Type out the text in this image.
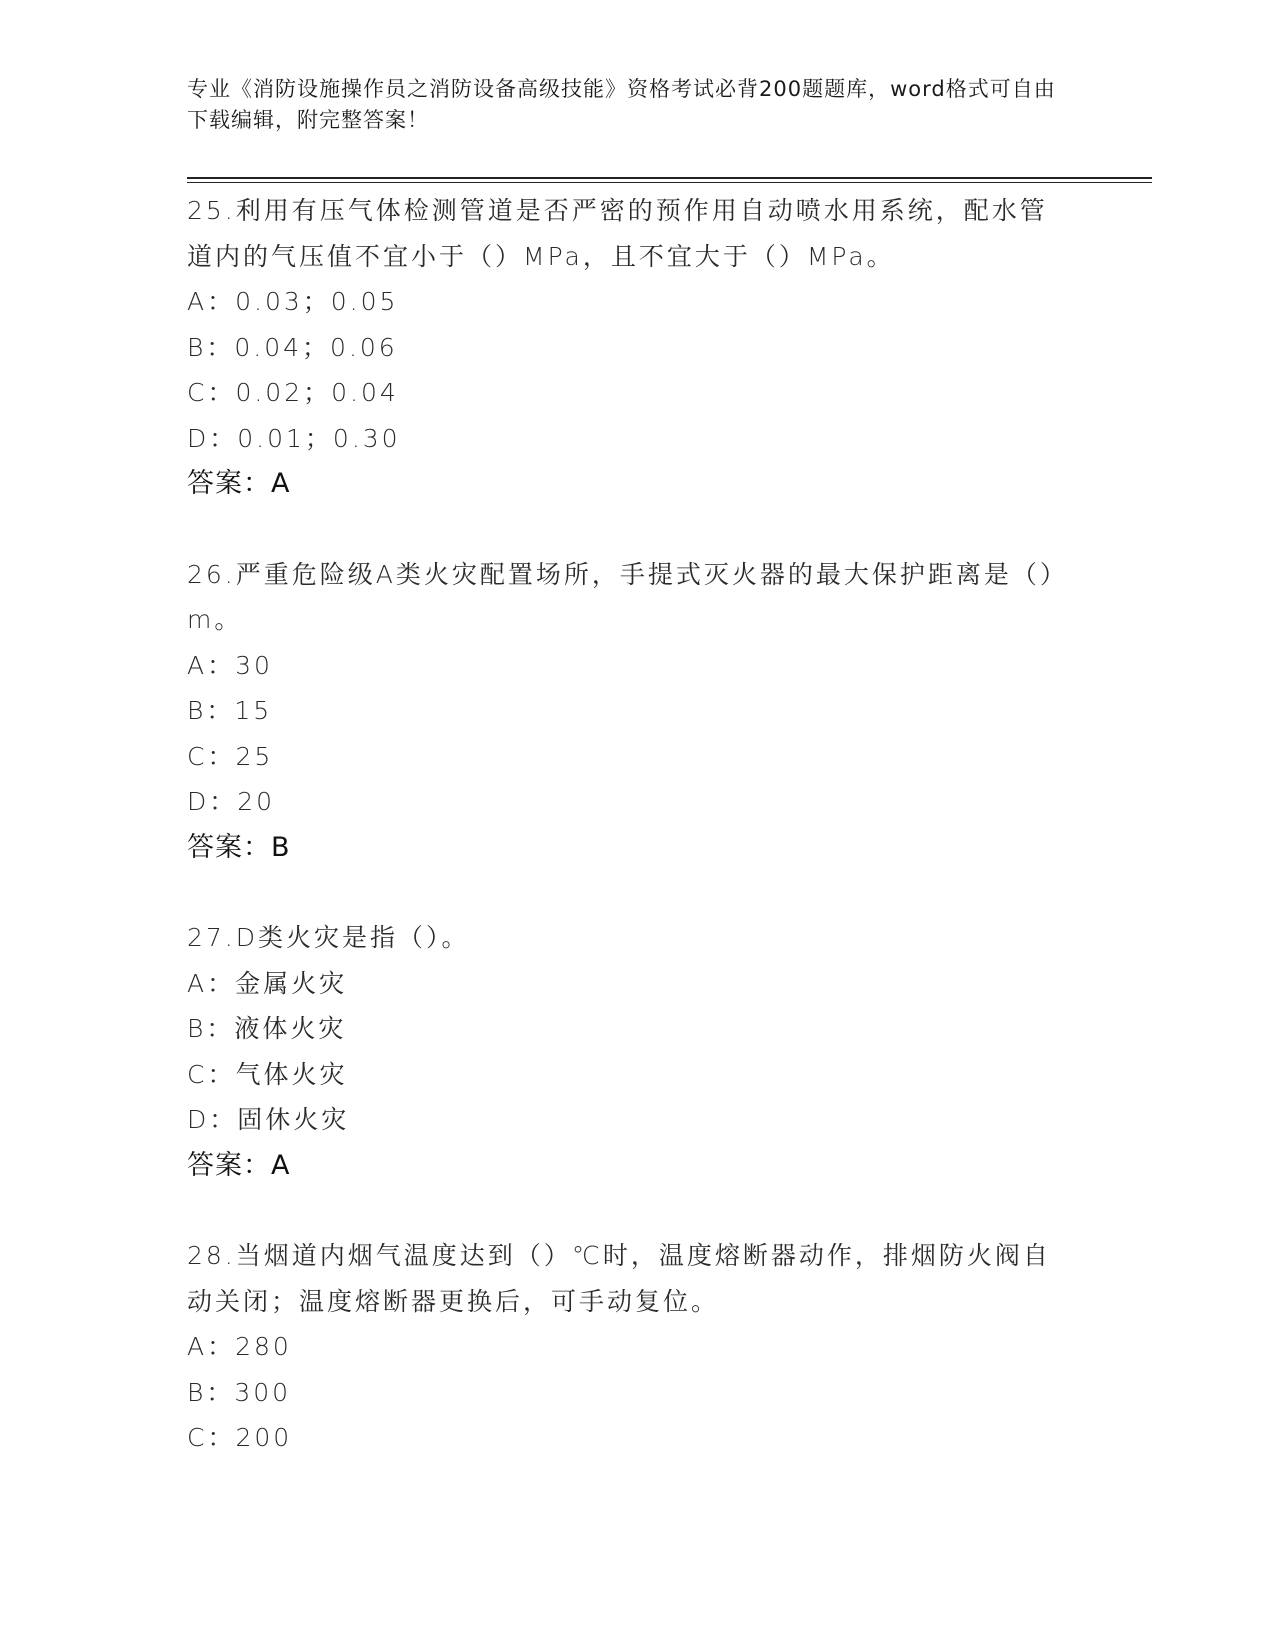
专业《消防设施操作员之消防设备高级技能》资格考试必背200题题库，word格式可自由下载编辑，附完整答案！
25.利用有压气体检测管道是否严密的预作用自动喷水用系统，配水管道内的气压值不宜小于（）MPa，且不宜大于（）MPa。
A：0.03；0.05
B：0.04；0.06
C：0.02；0.04
D：0.01；0.30
答案：A
26.严重危险级A类火灾配置场所，手提式灭火器的最大保护距离是（）m。
A：30
B：15
C：25
D：20
答案：B
27.D类火灾是指（）。
A：金属火灾
B：液体火灾
C：气体火灾
D：固休火灾
答案：A
28.当烟道内烟气温度达到（）℃时，温度熔断器动作，排烟防火阀自动关闭；温度熔断器更换后，可手动复位。
A：280
B：300
C：200
